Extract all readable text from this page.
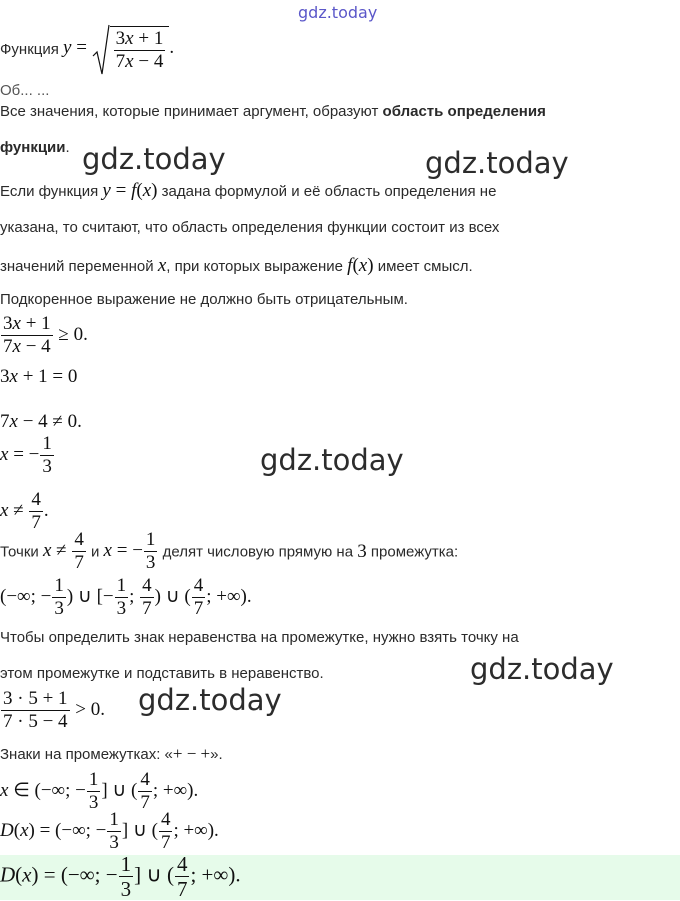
gdz.today
Функция $y = \frac{3x + 1}{7x - 4}$ .
Об... ...
Все значения, которые принимает аргумент, образуют область определения
функции. gdz.today	gdz.today
Если функция y = f(x) задана формулой и её область определения не
указана, то считают, что область определения функции состоит из всех
значений переменной x, при которых выражение f(x) имеет смысл.
Подкоренное выражение не должно быть отрицательным.
$\frac{3x + 1}{7x - 4} \ge 0$.
3x + 1 = 0
7x − 4 ≠ 0.
x = − $\frac{1}{3}$	gdz.today
$x \ne \frac{4}{7}$ .
Точки $x \ne \frac{4}{7}$ и x = − $\frac{1}{3}$ делят числовую прямую на 3 промежутка:
(−∞; − $\frac{1}{3}$ ) ∪ [− $\frac{1}{3}$ ; $\frac{4}{7}$ ) ∪ ( $\frac{4}{7}$ ; +∞).
Чтобы определить знак неравенства на промежутке, нужно взять точку на
этом промежутке и подставить в неравенство.	gdz.today
$\frac{3 \cdot 5 + 1}{7 \cdot 5 - 4} > 0$. gdz.today
Знаки на промежутках: «+ − +».
x ∈ (−∞; − $\frac{1}{3}$ ] ∪ ( $\frac{4}{7}$ ; +∞).
D(x) = (−∞; − $\frac{1}{3}$ ] ∪ ( $\frac{4}{7}$ ; +∞).
D(x) = (−∞; − $\frac{1}{3}$ ] ∪ ( $\frac{4}{7}$ ; +∞).
